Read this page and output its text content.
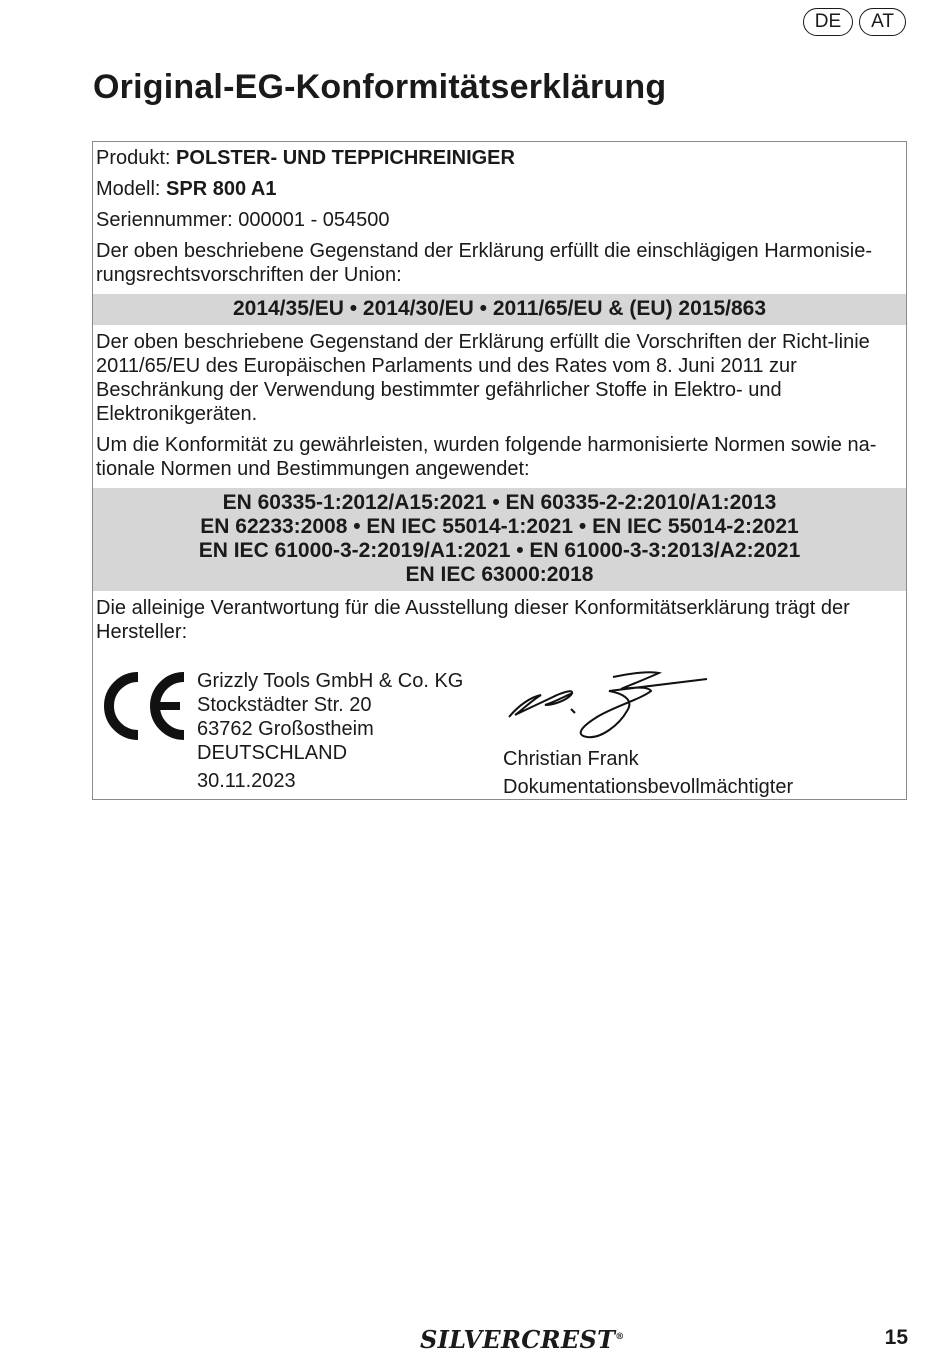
DE	AT
Original-EG-Konformitätserklärung
Produkt: POLSTER- UND TEPPICHREINIGER
Modell: SPR 800 A1
Seriennummer: 000001 - 054500
Der oben beschriebene Gegenstand der Erklärung erfüllt die einschlägigen Harmonisie-rungsrechtsvorschriften der Union:
2014/35/EU • 2014/30/EU • 2011/65/EU & (EU) 2015/863
Der oben beschriebene Gegenstand der Erklärung erfüllt die Vorschriften der Richt-linie 2011/65/EU des Europäischen Parlaments und des Rates vom 8. Juni 2011 zur Beschränkung der Verwendung bestimmter gefährlicher Stoffe in Elektro- und Elektronikgeräten.
Um die Konformität zu gewährleisten, wurden folgende harmonisierte Normen sowie na-tionale Normen und Bestimmungen angewendet:
EN 60335-1:2012/A15:2021 • EN 60335-2-2:2010/A1:2013
EN 62233:2008 • EN IEC 55014-1:2021 • EN IEC 55014-2:2021
EN IEC 61000-3-2:2019/A1:2021 • EN 61000-3-3:2013/A2:2021
EN IEC 63000:2018
Die alleinige Verantwortung für die Ausstellung dieser Konformitätserklärung trägt der Hersteller:
Grizzly Tools GmbH & Co. KG
Stockstädter Str. 20
63762 Großostheim
DEUTSCHLAND
30.11.2023
Christian Frank
Dokumentationsbevollmächtigter
SILVERCREST®	15
